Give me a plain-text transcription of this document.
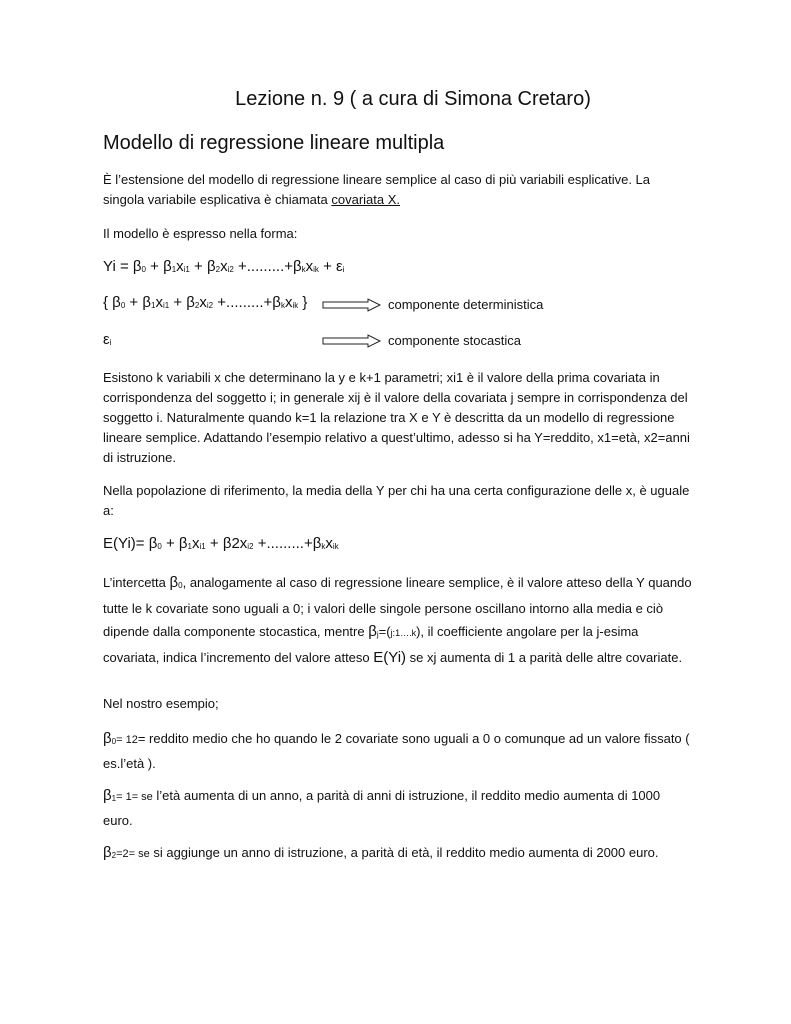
Lezione n. 9 ( a cura di Simona Cretaro)
Modello di regressione lineare multipla
È l’estensione del modello di regressione lineare semplice al caso di più variabili esplicative. La singola variabile esplicativa è chiamata covariata X.
Il modello è espresso nella forma:
$Yi = \beta_0 + \beta_1x_{i1} + \beta_2x_{i2} +.........+\beta_kx_{ik} + \varepsilon_i$
{ $\beta_0 + \beta_1x_{i1} + \beta_2x_{i2} +.........+\beta_kx_{ik}$ }	componente deterministica
$\varepsilon_i$	componente stocastica
Esistono k variabili x che determinano la y e k+1 parametri; xi1 è il valore della prima covariata in corrispondenza del soggetto i; in generale xij è il valore della covariata j sempre in corrispondenza del soggetto i. Naturalmente quando k=1 la relazione tra X e Y è descritta da un modello di regressione lineare semplice. Adattando l’esempio relativo a quest’ultimo, adesso si ha Y=reddito, x1=età, x2=anni di istruzione.
Nella popolazione di riferimento, la media della Y per chi ha una certa configurazione delle x, è uguale a:
$E(Yi)= \beta_0 + \beta_1x_{i1} + \beta 2x_{i2} +.........+\beta_kx_{ik}$
L’intercetta $\beta_0$, analogamente al caso di regressione lineare semplice, è il valore atteso della Y quando tutte le k covariate sono uguali a 0; i valori delle singole persone oscillano intorno alla media e ciò dipende dalla componente stocastica, mentre $\beta_j=(j:1\dots.k)$, il coefficiente angolare per la j-esima covariata, indica l’incremento del valore atteso E(Yi) se xj aumenta di 1 a parità delle altre covariate.
Nel nostro esempio;
$\beta_0= 12=$ reddito medio che ho quando le 2 covariate sono uguali a 0 o comunque ad un valore fissato ( es.l’età ).
$\beta_1= 1=$ se l’età aumenta di un anno, a parità di anni di istruzione, il reddito medio aumenta di 1000 euro.
$\beta_2=2=$ se si aggiunge un anno di istruzione, a parità di età, il reddito medio aumenta di 2000 euro.
